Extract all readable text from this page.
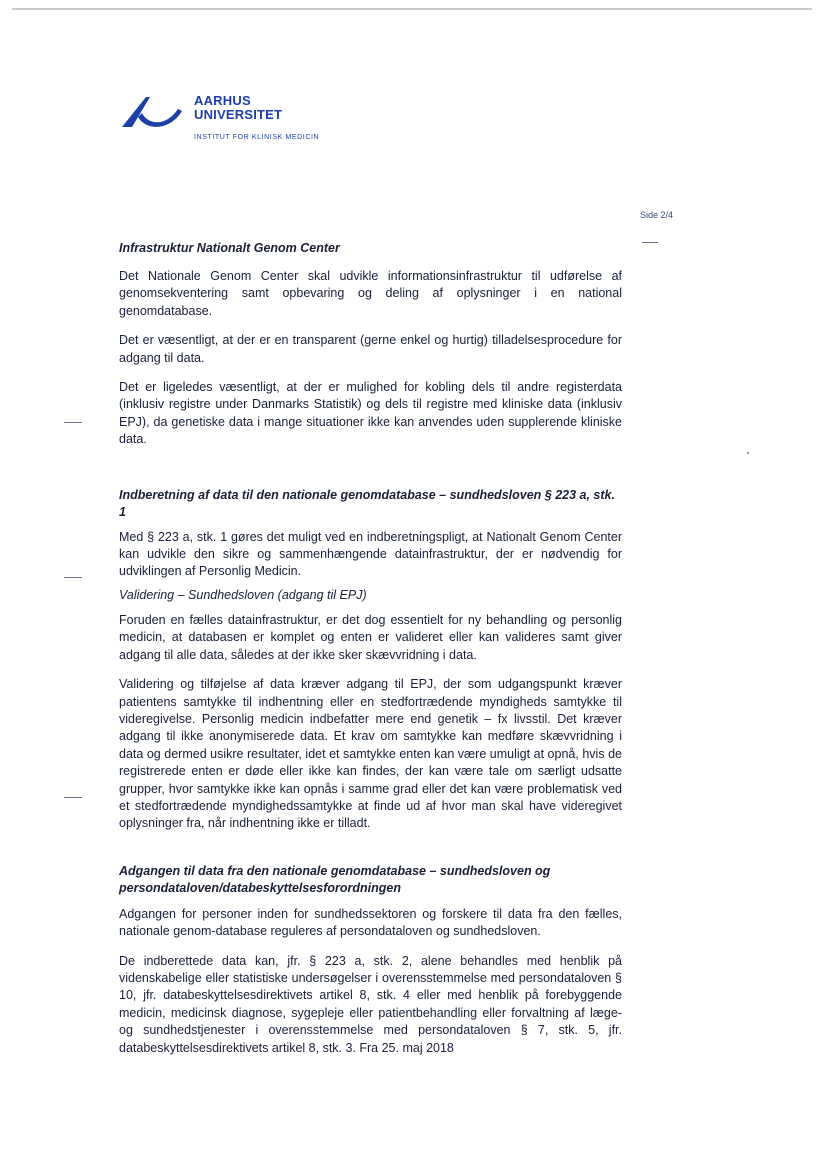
AARHUS
UNIVERSITET
INSTITUT FOR KLINISK MEDICIN
Side 2/4
Infrastruktur Nationalt Genom Center

Det Nationale Genom Center skal udvikle informationsinfrastruktur til udførelse af genomsekventering samt opbevaring og deling af oplysninger i en national genomdatabase.

Det er væsentligt, at der er en transparent (gerne enkel og hurtig) tilladelsesprocedure for adgang til data.

Det er ligeledes væsentligt, at der er mulighed for kobling dels til andre registerdata (inklusiv registre under Danmarks Statistik) og dels til registre med kliniske data (inklusiv EPJ), da genetiske data i mange situationer ikke kan anvendes uden supplerende kliniske data.

Indberetning af data til den nationale genomdatabase – sundhedsloven § 223 a, stk. 1

Med § 223 a, stk. 1 gøres det muligt ved en indberetningspligt, at Nationalt Genom Center kan udvikle den sikre og sammenhængende datainfrastruktur, der er nødvendig for udviklingen af Personlig Medicin.

Validering – Sundhedsloven (adgang til EPJ)

Foruden en fælles datainfrastruktur, er det dog essentielt for ny behandling og personlig medicin, at databasen er komplet og enten er valideret eller kan valideres samt giver adgang til alle data, således at der ikke sker skævvridning i data.

Validering og tilføjelse af data kræver adgang til EPJ, der som udgangspunkt kræver patientens samtykke til indhentning eller en stedfortrædende myndigheds samtykke til videregivelse. Personlig medicin indbefatter mere end genetik – fx livsstil. Det kræver adgang til ikke anonymiserede data. Et krav om samtykke kan medføre skævvridning i data og dermed usikre resultater, idet et samtykke enten kan være umuligt at opnå, hvis de registrerede enten er døde eller ikke kan findes, der kan være tale om særligt udsatte grupper, hvor samtykke ikke kan opnås i samme grad eller det kan være problematisk ved et stedfortrædende myndighedssamtykke at finde ud af hvor man skal have videregivet oplysninger fra, når indhentning ikke er tilladt.

Adgangen til data fra den nationale genomdatabase – sundhedsloven og persondataloven/databeskyttelsesforordningen

Adgangen for personer inden for sundhedssektoren og forskere til data fra den fælles, nationale genom-database reguleres af persondataloven og sundhedsloven.

De indberettede data kan, jfr. § 223 a, stk. 2, alene behandles med henblik på videnskabelige eller statistiske undersøgelser i overensstemmelse med persondataloven § 10, jfr. databeskyttelsesdirektivets artikel 8, stk. 4 eller med henblik på forebyggende medicin, medicinsk diagnose, sygepleje eller patientbehandling eller forvaltning af læge- og sundhedstjenester i overensstemmelse med persondataloven § 7, stk. 5, jfr. databeskyttelsesdirektivets artikel 8, stk. 3. Fra 25. maj 2018
